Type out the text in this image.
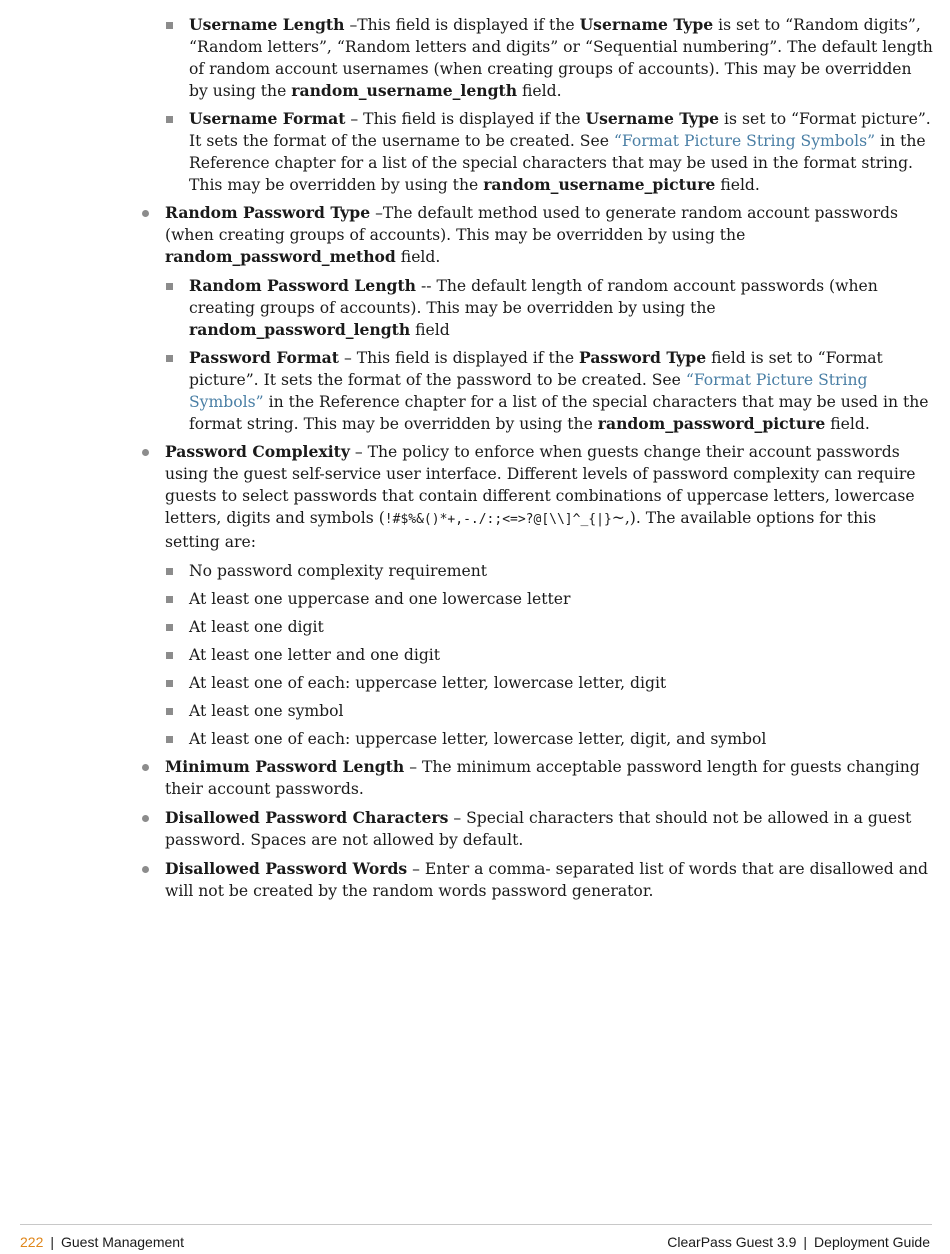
Username Length –This field is displayed if the Username Type is set to “Random digits”, “Random letters”, “Random letters and digits” or “Sequential numbering”. The default length of random account usernames (when creating groups of accounts). This may be overridden by using the random_username_length field.
Username Format – This field is displayed if the Username Type is set to “Format picture”. It sets the format of the username to be created. See “Format Picture String Symbols” in the Reference chapter for a list of the special characters that may be used in the format string. This may be overridden by using the random_username_picture field.
Random Password Type –The default method used to generate random account passwords (when creating groups of accounts). This may be overridden by using the random_password_method field.
Random Password Length -- The default length of random account passwords (when creating groups of accounts). This may be overridden by using the random_password_length field
Password Format – This field is displayed if the Password Type field is set to “Format picture”. It sets the format of the password to be created. See “Format Picture String Symbols” in the Reference chapter for a list of the special characters that may be used in the format string. This may be overridden by using the random_password_picture field.
Password Complexity – The policy to enforce when guests change their account passwords using the guest self-service user interface. Different levels of password complexity can require guests to select passwords that contain different combinations of uppercase letters, lowercase letters, digits and symbols (!#$%&()*+,-./:;<=>?@[\\]^_{|}~,). The available options for this setting are:
No password complexity requirement
At least one uppercase and one lowercase letter
At least one digit
At least one letter and one digit
At least one of each: uppercase letter, lowercase letter, digit
At least one symbol
At least one of each: uppercase letter, lowercase letter, digit, and symbol
Minimum Password Length – The minimum acceptable password length for guests changing their account passwords.
Disallowed Password Characters – Special characters that should not be allowed in a guest password. Spaces are not allowed by default.
Disallowed Password Words – Enter a comma- separated list of words that are disallowed and will not be created by the random words password generator.
222 | Guest Management	ClearPass Guest 3.9 | Deployment Guide
